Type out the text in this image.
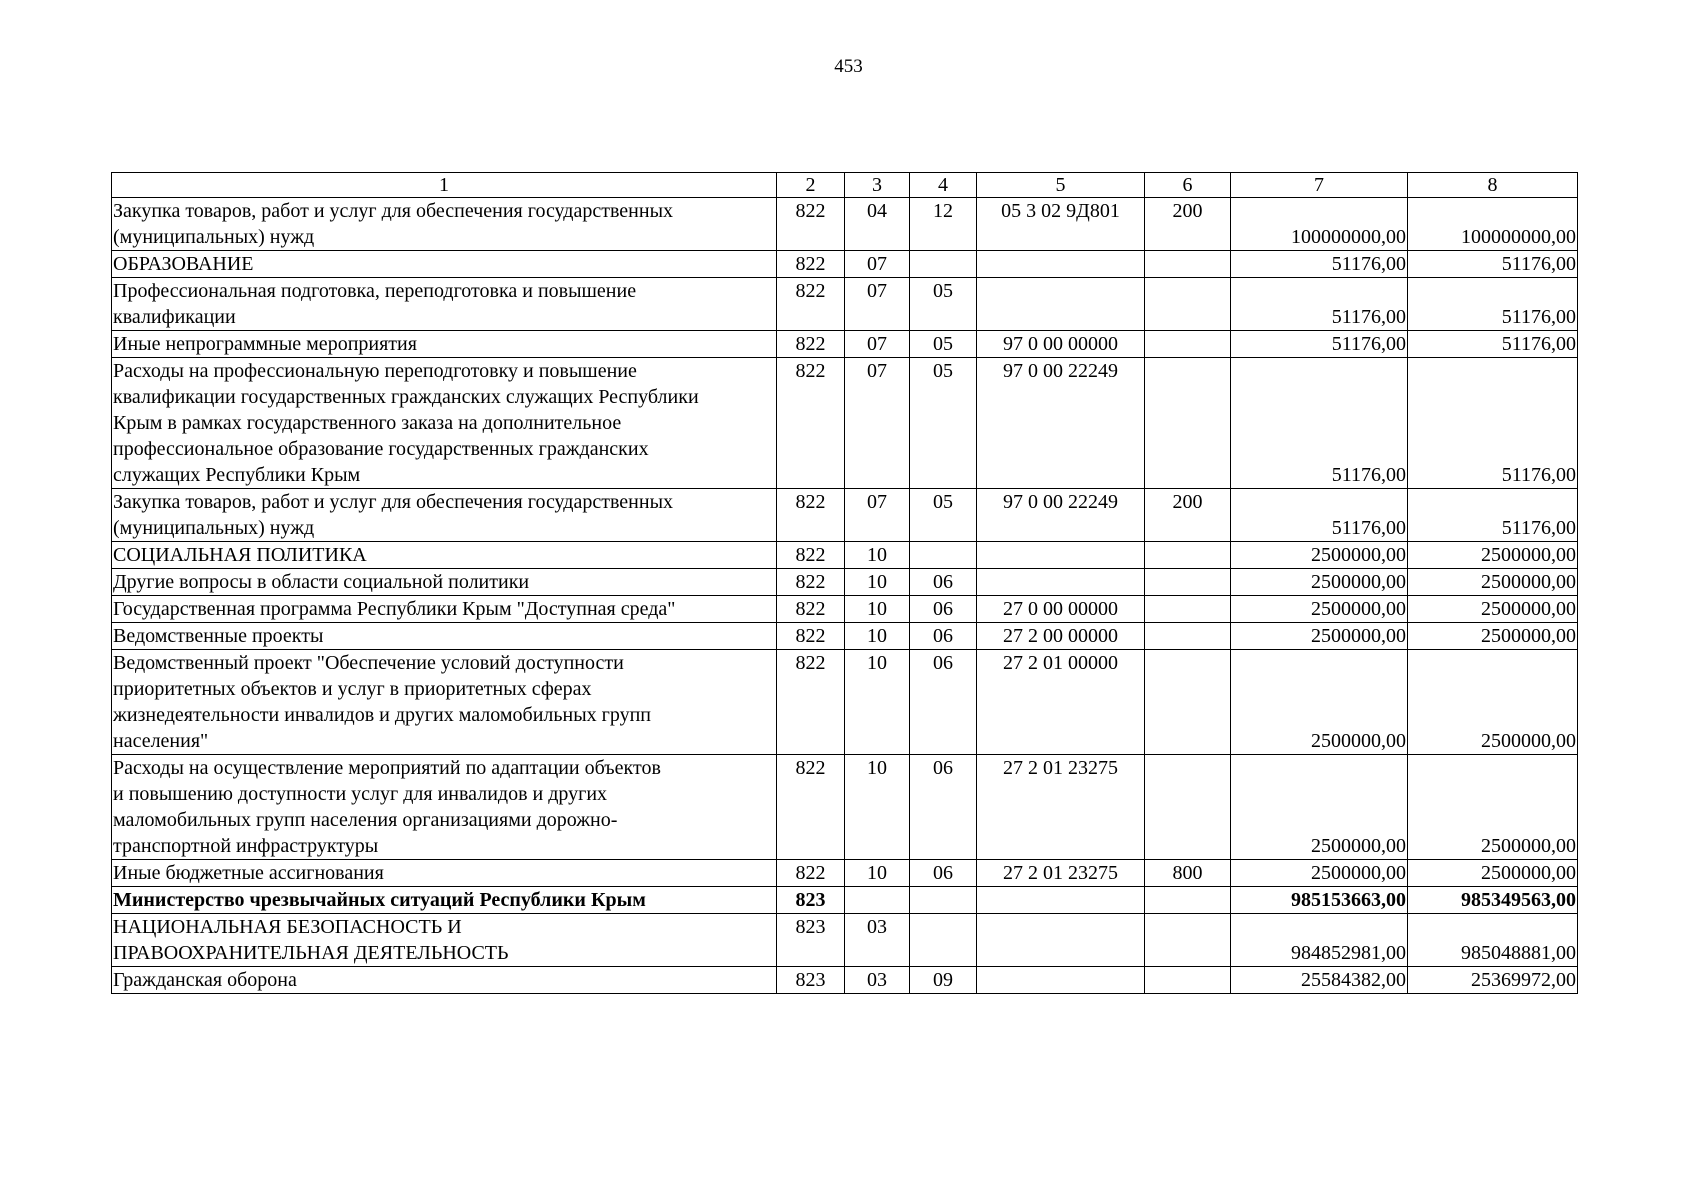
453
1	2	3	4	5	6	7	8
Закупка товаров, работ и услуг для обеспечения государственных
(муниципальных) нужд	822	04	12	05 3 02 9Д801	200	100000000,00	100000000,00
ОБРАЗОВАНИЕ	822	07				51176,00	51176,00
Профессиональная подготовка, переподготовка и повышение
квалификации	822	07	05			51176,00	51176,00
Иные непрограммные мероприятия	822	07	05	97 0 00 00000		51176,00	51176,00
Расходы на профессиональную переподготовку и повышение
квалификации государственных гражданских служащих Республики
Крым в рамках государственного заказа на дополнительное
профессиональное образование государственных гражданских
служащих Республики Крым	822	07	05	97 0 00 22249		51176,00	51176,00
Закупка товаров, работ и услуг для обеспечения государственных
(муниципальных) нужд	822	07	05	97 0 00 22249	200	51176,00	51176,00
СОЦИАЛЬНАЯ ПОЛИТИКА	822	10				2500000,00	2500000,00
Другие вопросы в области социальной политики	822	10	06			2500000,00	2500000,00
Государственная программа Республики Крым "Доступная среда"	822	10	06	27 0 00 00000		2500000,00	2500000,00
Ведомственные проекты	822	10	06	27 2 00 00000		2500000,00	2500000,00
Ведомственный проект "Обеспечение условий доступности
приоритетных объектов и услуг в приоритетных сферах
жизнедеятельности инвалидов и других маломобильных групп
населения"	822	10	06	27 2 01 00000		2500000,00	2500000,00
Расходы на осуществление мероприятий по адаптации объектов
и повышению доступности услуг для инвалидов и других
маломобильных групп населения организациями дорожно-
транспортной инфраструктуры	822	10	06	27 2 01 23275		2500000,00	2500000,00
Иные бюджетные ассигнования	822	10	06	27 2 01 23275	800	2500000,00	2500000,00
Министерство чрезвычайных ситуаций Республики Крым	823					985153663,00	985349563,00
НАЦИОНАЛЬНАЯ БЕЗОПАСНОСТЬ И
ПРАВООХРАНИТЕЛЬНАЯ ДЕЯТЕЛЬНОСТЬ	823	03				984852981,00	985048881,00
Гражданская оборона	823	03	09			25584382,00	25369972,00
